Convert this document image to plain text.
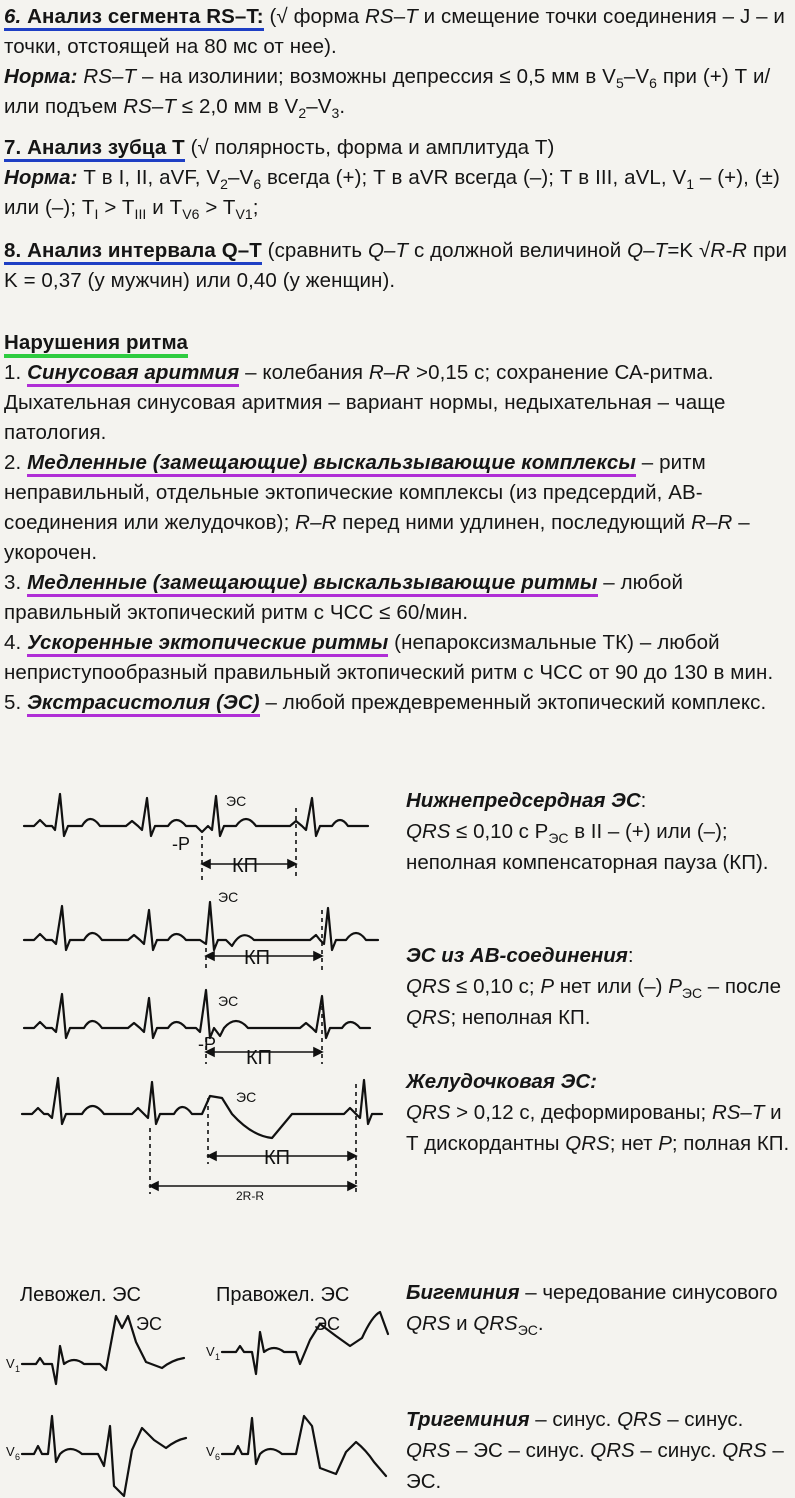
6. Анализ сегмента RS–T: (√ форма RS–T и смещение точки соединения – J – и точки, отстоящей на 80 мс от нее).
Норма: RS–T – на изолинии; возможны депрессия ≤ 0,5 мм в $V_5-V_6$ при (+) Т и/или подъем RS–T ≤ 2,0 мм в $V_2-V_3$.
7. Анализ зубца Т (√ полярность, форма и амплитуда Т)
Норма: Т в I, II, aVF, $V_2-V_6$ всегда (+); Т в aVR всегда (–); Т в III, aVL, $V_1$ – (+), (±) или (–); $T_I > T_{III}$ и $T_{V6} > T_{V1}$;
8. Анализ интервала Q–T (сравнить Q–T с должной величиной Q–T=K √R-R при K = 0,37 (у мужчин) или 0,40 (у женщин).
Нарушения ритма

1. Синусовая аритмия – колебания R–R >0,15 с; сохранение СА-ритма. Дыхательная синусовая аритмия – вариант нормы, недыхательная – чаще патология.
2. Медленные (замещающие) выскальзывающие комплексы – ритм неправильный, отдельные эктопические комплексы (из предсердий, АВ-соединения или желудочков); R–R перед ними удлинен, последующий R–R – укорочен.
3. Медленные (замещающие) выскальзывающие ритмы – любой правильный эктопический ритм с ЧСС ≤ 60/мин.
4. Ускоренные эктопические ритмы (непароксизмальные ТК) – любой неприступообразный правильный эктопический ритм с ЧСС от 90 до 130 в мин.
5. Экстрасистолия (ЭС) – любой преждевременный эктопический комплекс.
Нижнепредсердная ЭС:
QRS ≤ 0,10 с $P_{ЭС}$ в II – (+) или (–); неполная компенсаторная пауза (КП).
ЭС из АВ-соединения:
QRS ≤ 0,10 с; P нет или (–) $P_{ЭС}$ – после QRS; неполная КП.
Желудочковая ЭС:
QRS > 0,12 с, деформированы; RS–T и Т дискордантны QRS; нет P; полная КП.
Бигеминия – чередование синусового QRS и $QRS_{ЭС}$.
Тригеминия – синус. QRS – синус. QRS – ЭС – синус. QRS – синус. QRS – ЭС.
ЭС
-P
КП
ЭС
КП
ЭС
-P
КП
ЭС
КП
2R-R
Левожел. ЭС	Правожел. ЭС
ЭС	ЭС
V 1
V 1
V 6	V 6
